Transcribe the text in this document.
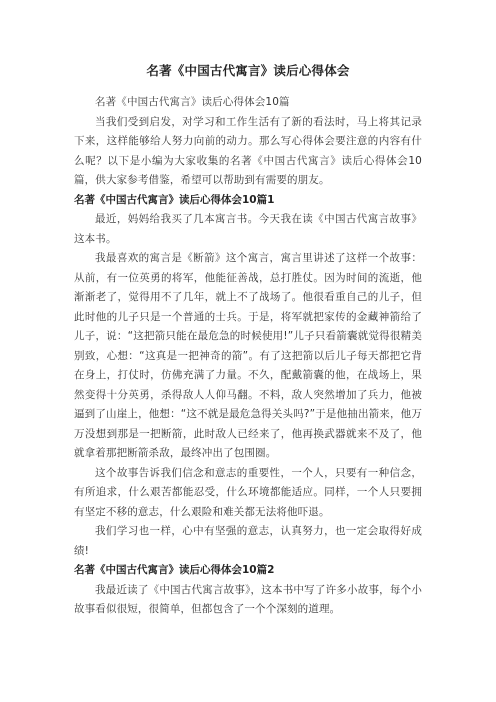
名著《中国古代寓言》读后心得体会

名著《中国古代寓言》读后心得体会10篇

当我们受到启发，对学习和工作生活有了新的看法时，马上将其记录下来，这样能够给人努力向前的动力。那么写心得体会要注意的内容有什么呢？以下是小编为大家收集的名著《中国古代寓言》读后心得体会10篇，供大家参考借鉴，希望可以帮助到有需要的朋友。

名著《中国古代寓言》读后心得体会10篇1

最近，妈妈给我买了几本寓言书。今天我在读《中国古代寓言故事》这本书。

我最喜欢的寓言是《断箭》这个寓言，寓言里讲述了这样一个故事：从前，有一位英勇的将军，他能征善战，总打胜仗。因为时间的流逝，他渐渐老了，觉得用不了几年，就上不了战场了。他很看重自己的儿子，但此时他的儿子只是一个普通的士兵。于是，将军就把家传的金藏神箭给了儿子，说：“这把箭只能在最危急的时候使用!”儿子只看箭囊就觉得很精美别致，心想：“这真是一把神奇的箭”。有了这把箭以后儿子每天都把它背在身上，打仗时，仿佛充满了力量。不久，配戴箭囊的他，在战场上，果然变得十分英勇，杀得敌人人仰马翻。不料，敌人突然增加了兵力，他被逼到了山崖上，他想：“这不就是最危急得关头吗?”于是他抽出箭来，他万万没想到那是一把断箭，此时敌人已经来了，他再换武器就来不及了，他就拿着那把断箭杀敌，最终冲出了包围圈。

这个故事告诉我们信念和意志的重要性，一个人，只要有一种信念，有所追求，什么艰苦都能忍受，什么环境都能适应。同样，一个人只要拥有坚定不移的意志，什么艰险和难关都无法将他吓退。

我们学习也一样，心中有坚强的意志，认真努力，也一定会取得好成绩!

名著《中国古代寓言》读后心得体会10篇2

我最近读了《中国古代寓言故事》，这本书中写了许多小故事，每个小故事看似很短，很简单，但都包含了一个个深刻的道理。
